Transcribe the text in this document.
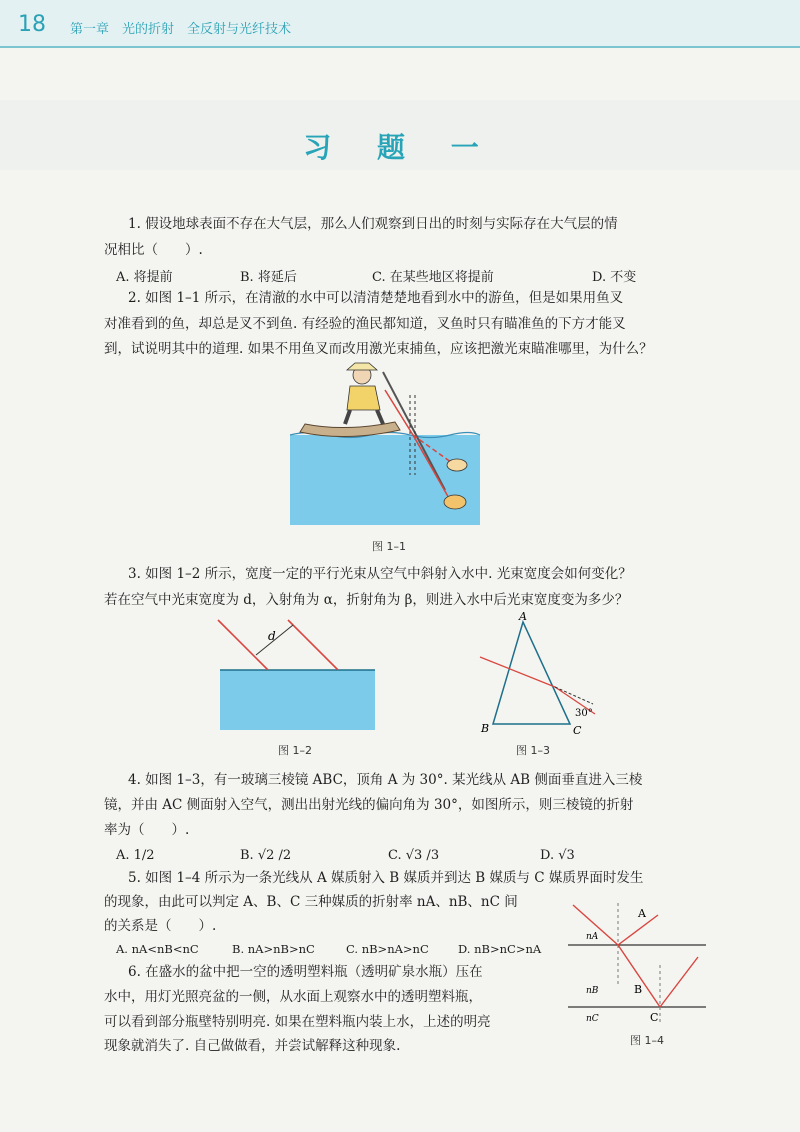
18 第一章　光的折射　全反射与光纤技术
习 题 一
1. 假设地球表面不存在大气层，那么人们观察到日出的时刻与实际存在大气层的情
况相比（　　）.
A. 将提前	B. 将延后	C. 在某些地区将提前	D. 不变
2. 如图 1–1 所示，在清澈的水中可以清清楚楚地看到水中的游鱼，但是如果用鱼叉
对准看到的鱼，却总是叉不到鱼. 有经验的渔民都知道，叉鱼时只有瞄准鱼的下方才能叉
到，试说明其中的道理. 如果不用鱼叉而改用激光束捕鱼，应该把激光束瞄准哪里，为什么？
图 1–1
3. 如图 1–2 所示，宽度一定的平行光束从空气中斜射入水中. 光束宽度会如何变化？
若在空气中光束宽度为 d，入射角为 α，折射角为 β，则进入水中后光束宽度变为多少？
d
图 1–2
A
B	C
30°
图 1–3
4. 如图 1–3，有一玻璃三棱镜 ABC，顶角 A 为 30°. 某光线从 AB 侧面垂直进入三棱
镜，并由 AC 侧面射入空气，测出出射光线的偏向角为 30°，如图所示，则三棱镜的折射
率为（　　）.
A. 1/2	B. √2 /2	C. √3 /3	D. √3
5. 如图 1–4 所示为一条光线从 A 媒质射入 B 媒质并到达 B 媒质与 C 媒质界面时发生
的现象，由此可以判定 A、B、C 三种媒质的折射率 nA、nB、nC 间
的关系是（　　）.
A. nA<nB<nC	B. nA>nB>nC	C. nB>nA>nC	D. nB>nC>nA
6. 在盛水的盆中把一空的透明塑料瓶（透明矿泉水瓶）压在
水中，用灯光照亮盆的一侧，从水面上观察水中的透明塑料瓶，
可以看到部分瓶壁特别明亮. 如果在塑料瓶内装上水，上述的明亮
现象就消失了. 自己做做看，并尝试解释这种现象.
A
B
C
nA
nB
nC
图 1–4
